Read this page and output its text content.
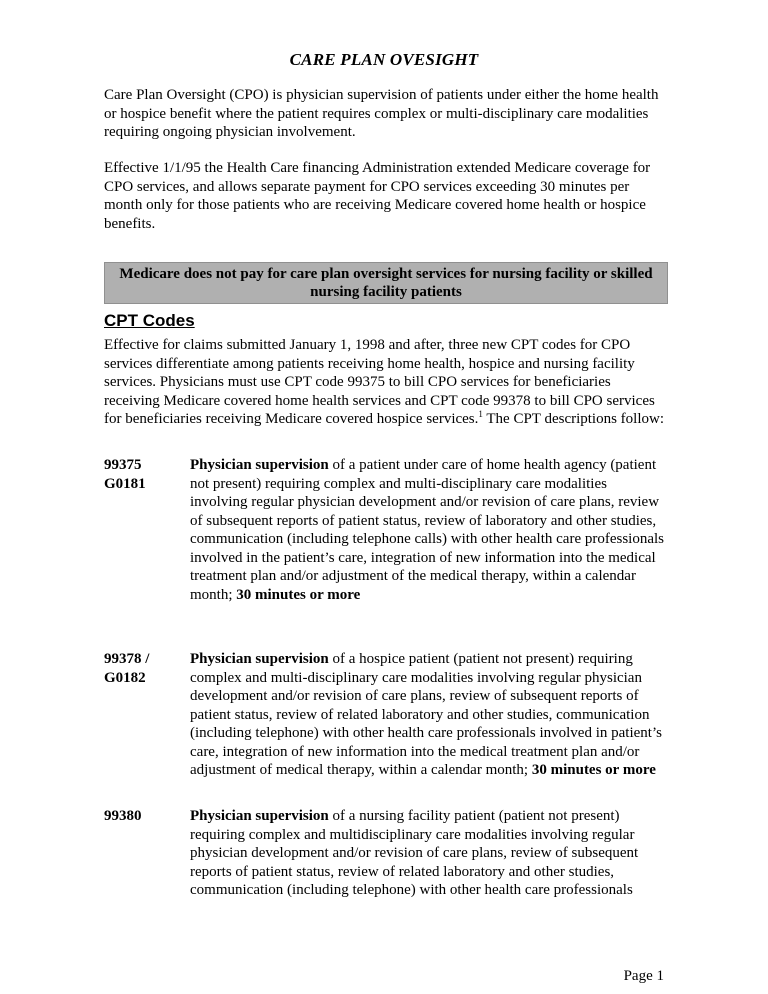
CARE PLAN OVESIGHT
Care Plan Oversight (CPO) is physician supervision of patients under either the home health or hospice benefit where the patient requires complex or multi-disciplinary care modalities requiring ongoing physician involvement.
Effective 1/1/95 the Health Care financing Administration extended Medicare coverage for CPO services, and allows separate payment for CPO services exceeding 30 minutes per month only for those patients who are receiving Medicare covered home health or hospice benefits.
Medicare does not pay for care plan oversight services for nursing facility or skilled nursing facility patients
CPT Codes
Effective for claims submitted January 1, 1998 and after, three new CPT codes for CPO services differentiate among patients receiving home health, hospice and nursing facility services. Physicians must use CPT code 99375 to bill CPO services for beneficiaries receiving Medicare covered home health services and CPT code 99378 to bill CPO services for beneficiaries receiving Medicare covered hospice services.$^1$ The CPT descriptions follow:
99375
G0181
Physician supervision of a patient under care of home health agency (patient not present) requiring complex and multi-disciplinary care modalities involving regular physician development and/or revision of care plans, review of subsequent reports of patient status, review of laboratory and other studies, communication (including telephone calls) with other health care professionals involved in the patient’s care, integration of new information into the medical treatment plan and/or adjustment of the medical therapy, within a calendar month; 30 minutes or more
99378 /
G0182
Physician supervision of a hospice patient (patient not present) requiring complex and multi-disciplinary care modalities involving regular physician development and/or revision of care plans, review of subsequent reports of patient status, review of related laboratory and other studies, communication (including telephone) with other health care professionals involved in patient’s care, integration of new information into the medical treatment plan and/or adjustment of medical therapy, within a calendar month; 30 minutes or more
99380	Physician supervision of a nursing facility patient (patient not present) requiring complex and multidisciplinary care modalities involving regular physician development and/or revision of care plans, review of subsequent reports of patient status, review of related laboratory and other studies, communication (including telephone) with other health care professionals
Page 1
